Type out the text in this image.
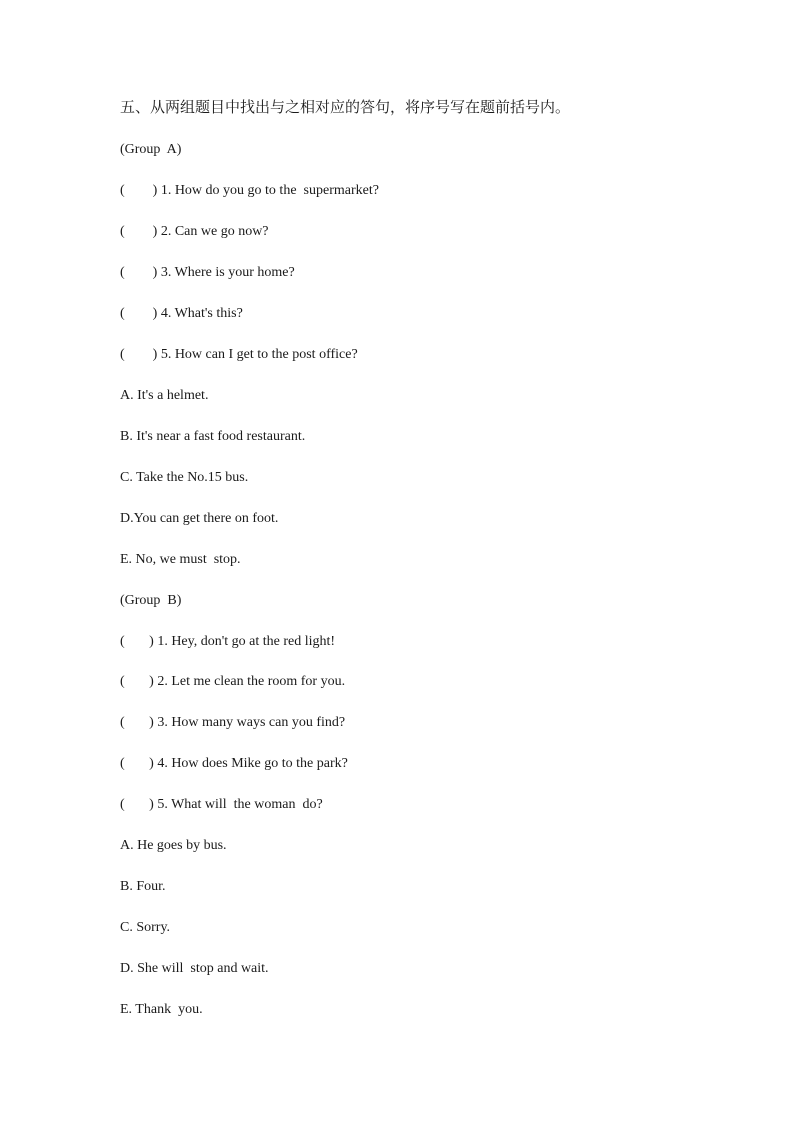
五、从两组题目中找出与之相对应的答句，将序号写在题前括号内。
(Group  A)
(        ) 1. How do you go to the  supermarket?
(        ) 2. Can we go now?
(        ) 3. Where is your home?
(        ) 4. What's this?
(        ) 5. How can I get to the post office?
A. It's a helmet.
B. It's near a fast food restaurant.
C. Take the No.15 bus.
D.You can get there on foot.
E. No, we must  stop.
(Group  B)
(       ) 1. Hey, don't go at the red light!
(       ) 2. Let me clean the room for you.
(       ) 3. How many ways can you find?
(       ) 4. How does Mike go to the park?
(       ) 5. What will  the woman  do?
A. He goes by bus.
B. Four.
C. Sorry.
D. She will  stop and wait.
E. Thank  you.
